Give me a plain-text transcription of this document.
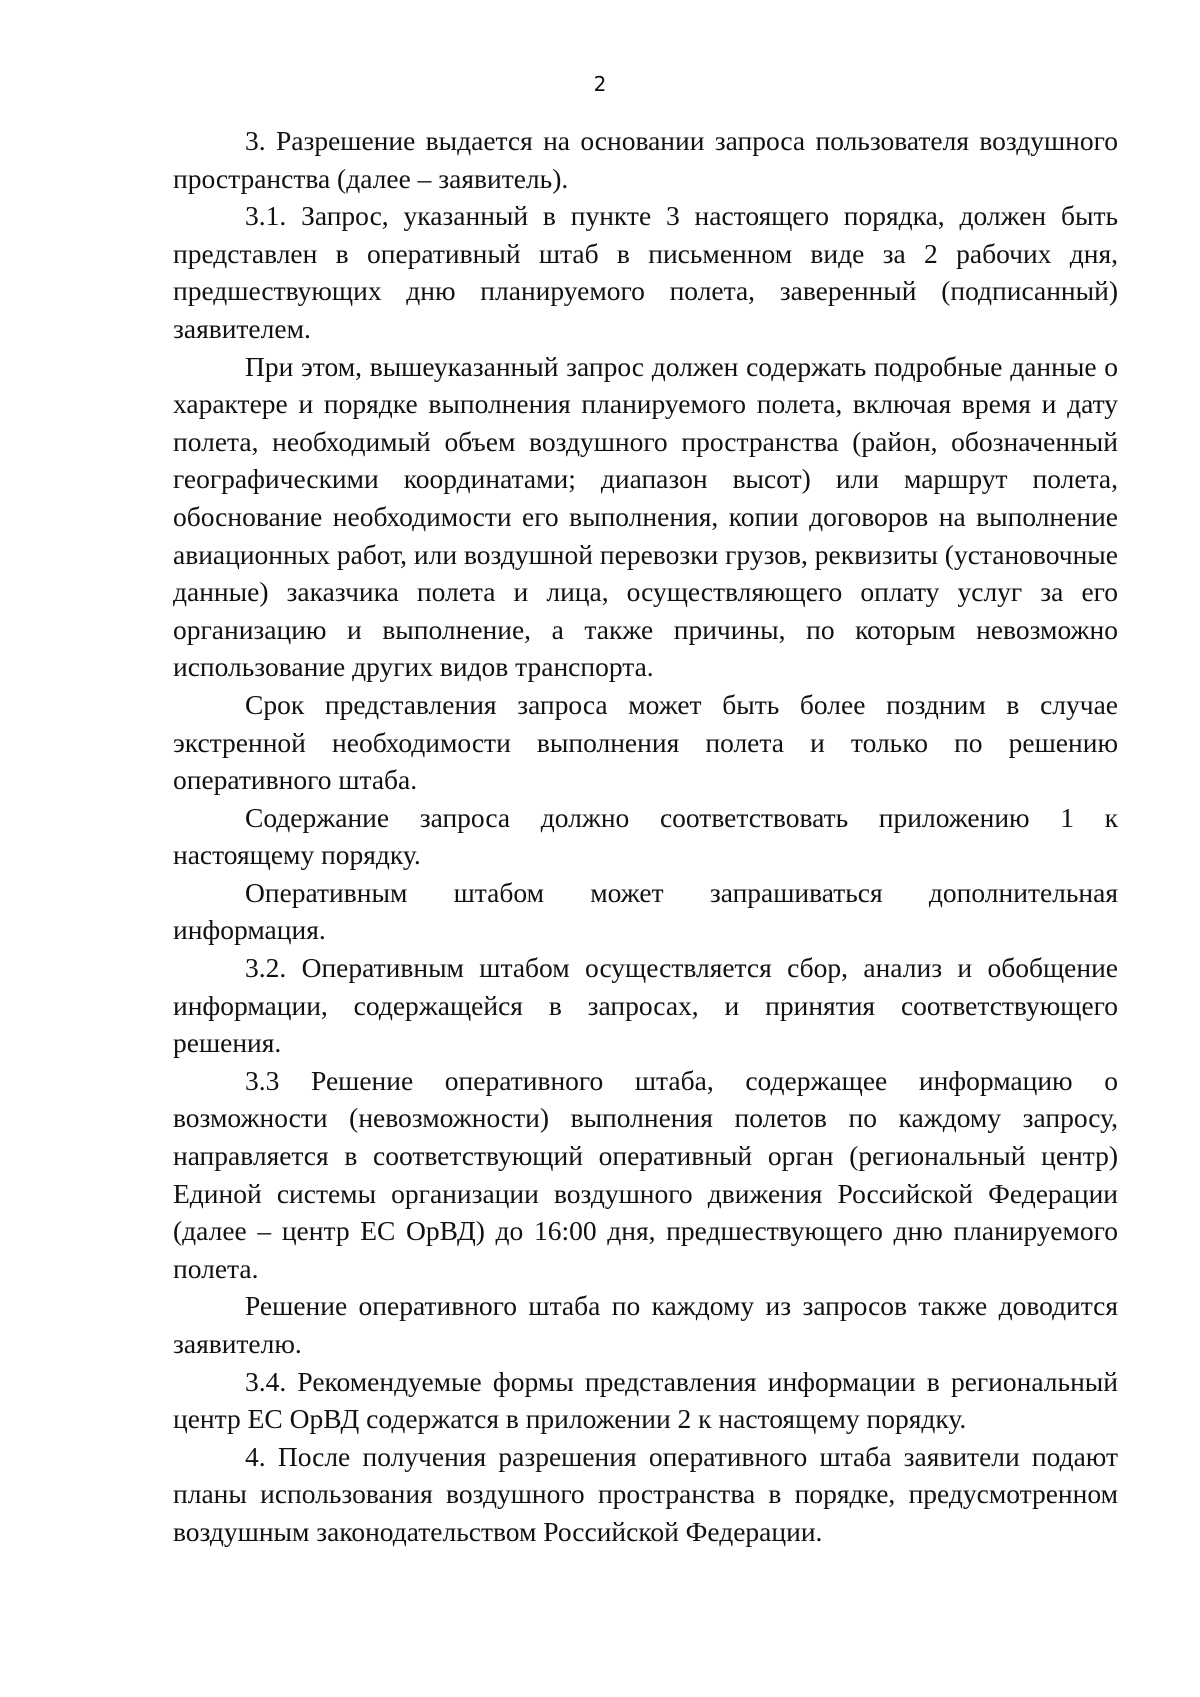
2

3. Разрешение выдается на основании запроса пользователя воздушного пространства (далее – заявитель).

3.1. Запрос, указанный в пункте 3 настоящего порядка, должен быть представлен в оперативный штаб в письменном виде за 2 рабочих дня, предшествующих дню планируемого полета, заверенный (подписанный) заявителем.

При этом, вышеуказанный запрос должен содержать подробные данные о характере и порядке выполнения планируемого полета, включая время и дату полета, необходимый объем воздушного пространства (район, обозначенный географическими координатами; диапазон высот) или маршрут полета, обоснование необходимости его выполнения, копии договоров на выполнение авиационных работ, или воздушной перевозки грузов, реквизиты (установочные данные) заказчика полета и лица, осуществляющего оплату услуг за его организацию и выполнение, а также причины, по которым невозможно использование других видов транспорта.

Срок представления запроса может быть более поздним в случае экстренной необходимости выполнения полета и только по решению оперативного штаба.

Содержание запроса должно соответствовать приложению 1 к настоящему порядку.

Оперативным штабом может запрашиваться дополнительная информация.

3.2. Оперативным штабом осуществляется сбор, анализ и обобщение информации, содержащейся в запросах, и принятия соответствующего решения.

3.3 Решение оперативного штаба, содержащее информацию о возможности (невозможности) выполнения полетов по каждому запросу, направляется в соответствующий оперативный орган (региональный центр) Единой системы организации воздушного движения Российской Федерации (далее – центр ЕС ОрВД) до 16:00 дня, предшествующего дню планируемого полета.

Решение оперативного штаба по каждому из запросов также доводится заявителю.

3.4. Рекомендуемые формы представления информации в региональный центр ЕС ОрВД содержатся в приложении 2 к настоящему порядку.

4. После получения разрешения оперативного штаба заявители подают планы использования воздушного пространства в порядке, предусмотренном воздушным законодательством Российской Федерации.
